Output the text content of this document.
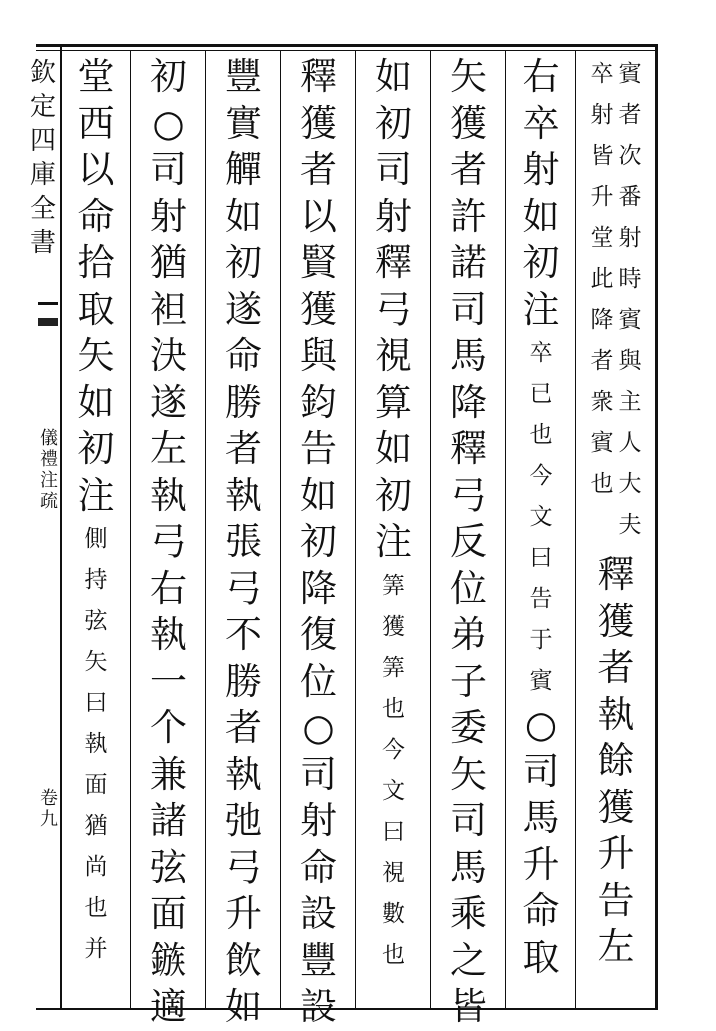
欽
定
四
庫
全
書
儀
禮
注
疏
卷
九
卒
射
皆
升
堂
此
降
者
衆
賓
也
賓
者
次
番
射
時
賓
與
主
人
大
夫
右
卒
射
如
初
注
卒
已
也
今
文
曰
告
于
賓
○
司
馬
升
命
取
矢
獲
者
許
諾
司
馬
降
釋
弓
反
位
弟
子
委
矢
司
馬
乘
之
皆
如
初
司
射
釋
弓
視
算
如
初
注
筭
獲
筭
也
今
文
曰
視
數
也
釋
獲
者
以
賢
獲
與
鈞
告
如
初
降
復
位
○
司
射
命
設
豐
設
豐
實
觶
如
初
遂
命
勝
者
執
張
弓
不
勝
者
執
弛
弓
升
飲
如
初
○
司
射
猶
袒
決
遂
左
執
弓
右
執
一
个
兼
諸
弦
面
鏃
適
堂
西
以
命
拾
取
矢
如
初
注
側
持
弦
矢
曰
執
面
猶
尚
也
并
釋
獲
者
執
餘
獲
升
告
左
